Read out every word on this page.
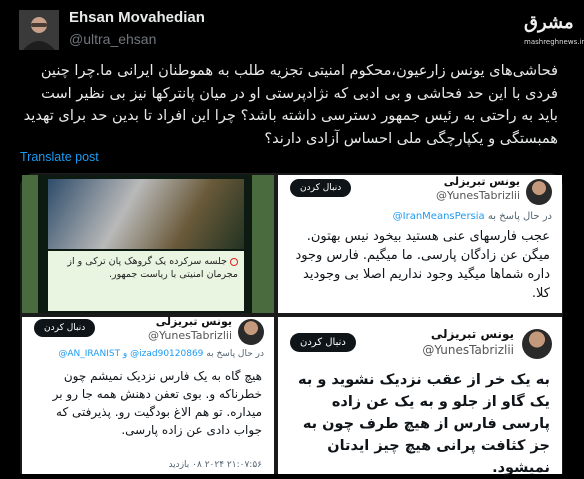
Ehsan Movahedian
@ultra_ehsan
مشرق
mashreghnews.ir
فحاشی‌های یونس زارعیون،محکوم امنیتی تجزیه طلب به هموطنان ایرانی ما.چرا چنین فردی با این حد فحاشی و بی ادبی که نژادپرستی او در میان پانترکها نیز بی نظیر است باید به راحتی به رئیس جمهور دسترسی داشته باشد؟ چرا این افراد تا بدین حد برای تهدید همبستگی و یکپارچگی ملی احساس آزادی دارند؟
Translate post
جلسه سرکرده یک گروهک پان ترکی و از مجرمان امنیتی با ریاست جمهور.
یونس تبریزلی
@YunesTabrizlii
دنبال کردن
در حال پاسخ به @IranMeansPersia
عجب فارسهای عنی هستید بیخود نیس بهتون. میگن عن زادگان پارسی. ما میگیم. فارس وجود داره شماها میگید وجود نداریم اصلا بی وجودید کلا.
یونس تبریزلی
@YunesTabrizlii
دنبال کردن
در حال پاسخ به @AN_IRANIST و @izad90120869
هیچ گاه به یک فارس نزدیک نمیشم چون خطرناکه و. بوی تعفن دهنش همه جا رو بر میداره. تو هم الاغ بودگیت رو. پذیرفتی که جواب دادی عن زاده پارسی.
۲۱:۰۷:۵۶ ۲۰۲۴ ۰۸ بازدید
یونس تبریزلی
@YunesTabrizlii
دنبال کردن
به یک خر از عقب نزدیک نشوید و به یک گاو از جلو و به یک عن زاده پارسی فارس از هیچ طرف چون به جز کثافت پرانی هیچ چیز ایدتان نمیشود.
